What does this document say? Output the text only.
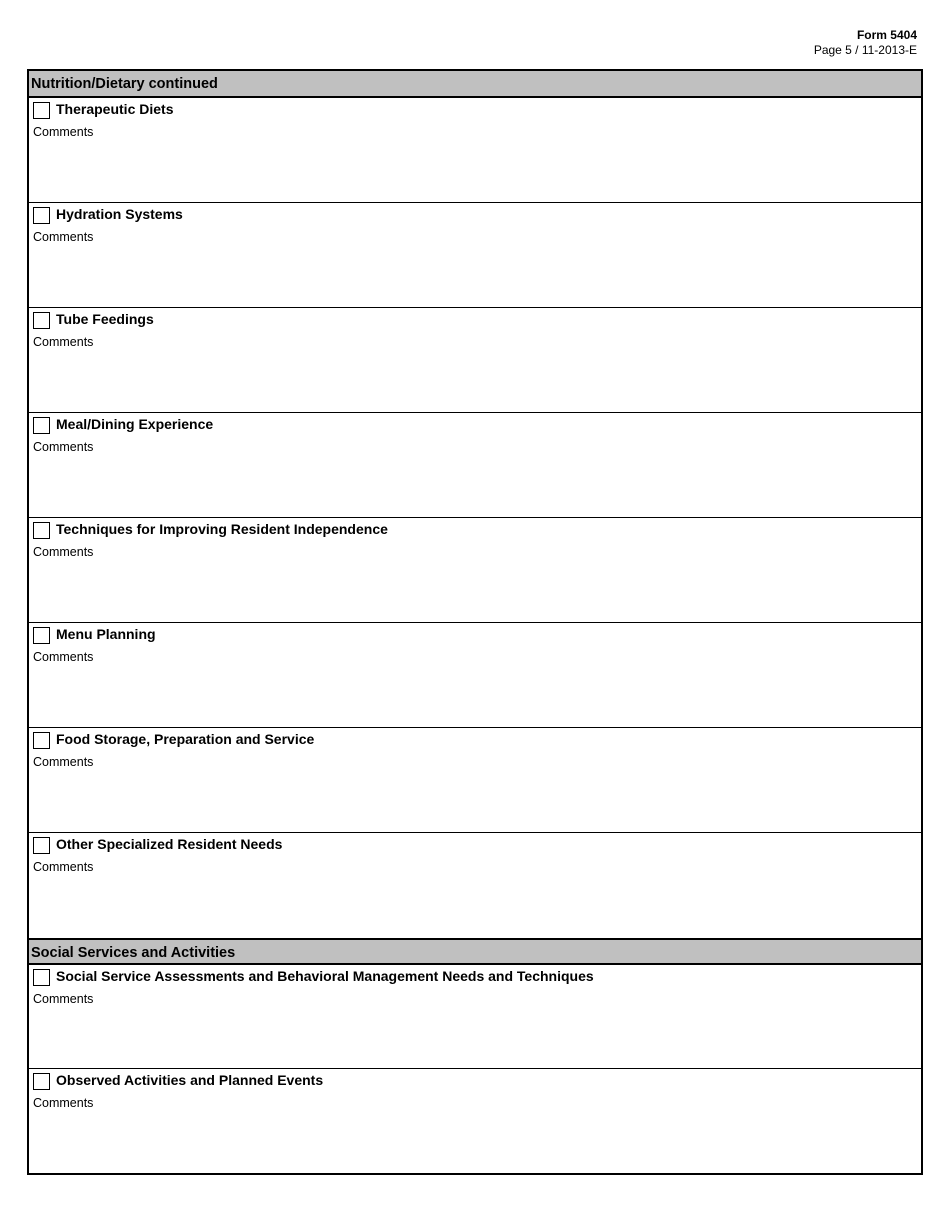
Form 5404
Page 5 / 11-2013-E
Nutrition/Dietary continued
Therapeutic Diets
Comments
Hydration Systems
Comments
Tube Feedings
Comments
Meal/Dining Experience
Comments
Techniques for Improving Resident Independence
Comments
Menu Planning
Comments
Food Storage, Preparation and Service
Comments
Other Specialized Resident Needs
Comments
Social Services and Activities
Social Service Assessments and Behavioral Management Needs and Techniques
Comments
Observed Activities and Planned Events
Comments
